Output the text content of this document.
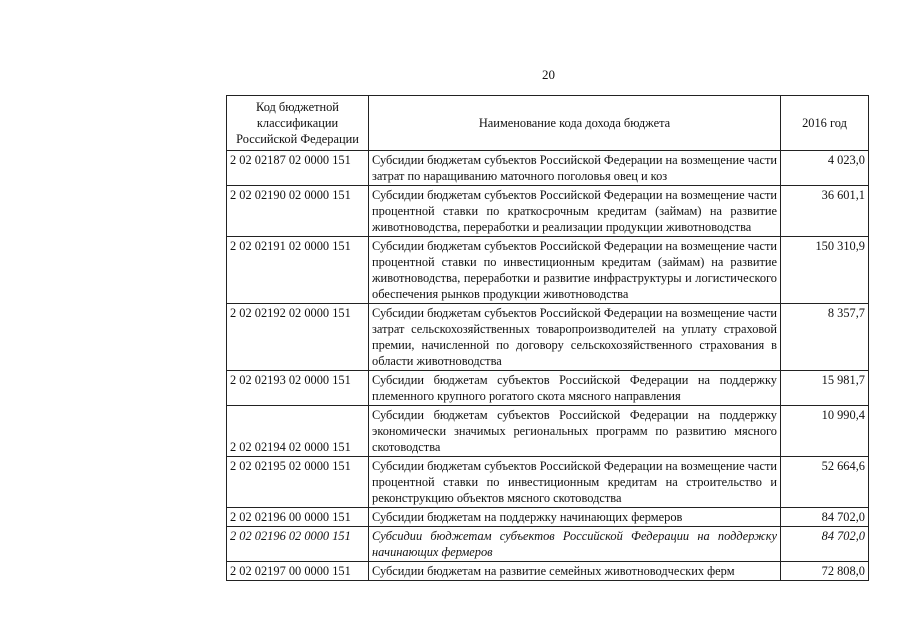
20
Код бюджетной классификации Российской Федерации	Наименование кода дохода бюджета	2016 год
2 02 02187 02 0000 151	Субсидии бюджетам субъектов Российской Федерации на возмещение части затрат по наращиванию маточного поголовья овец и коз	4 023,0
2 02 02190 02 0000 151	Субсидии бюджетам субъектов Российской Федерации на возмещение части процентной ставки по краткосрочным кредитам (займам) на развитие животноводства, переработки и реализации продукции животноводства	36 601,1
2 02 02191 02 0000 151	Субсидии бюджетам субъектов Российской Федерации на возмещение части процентной ставки по инвестиционным кредитам (займам) на развитие животноводства, переработки и развитие инфраструктуры и логистического обеспечения рынков продукции животноводства	150 310,9
2 02 02192 02 0000 151	Субсидии бюджетам субъектов Российской Федерации на возмещение части затрат сельскохозяйственных товаропроизводителей на уплату страховой премии, начисленной по договору сельскохозяйственного страхования в области животноводства	8 357,7
2 02 02193 02 0000 151	Субсидии бюджетам субъектов Российской Федерации на поддержку племенного крупного рогатого скота мясного направления	15 981,7
2 02 02194 02 0000 151	Субсидии бюджетам субъектов Российской Федерации на поддержку экономически значимых региональных программ по развитию мясного скотоводства	10 990,4
2 02 02195 02 0000 151	Субсидии бюджетам субъектов Российской Федерации на возмещение части процентной ставки по инвестиционным кредитам на строительство и реконструкцию объектов мясного скотоводства	52 664,6
2 02 02196 00 0000 151	Субсидии бюджетам на поддержку начинающих фермеров	84 702,0
2 02 02196 02 0000 151	Субсидии бюджетам субъектов Российской Федерации на поддержку начинающих фермеров	84 702,0
2 02 02197 00 0000 151	Субсидии бюджетам на развитие семейных животноводческих ферм	72 808,0
